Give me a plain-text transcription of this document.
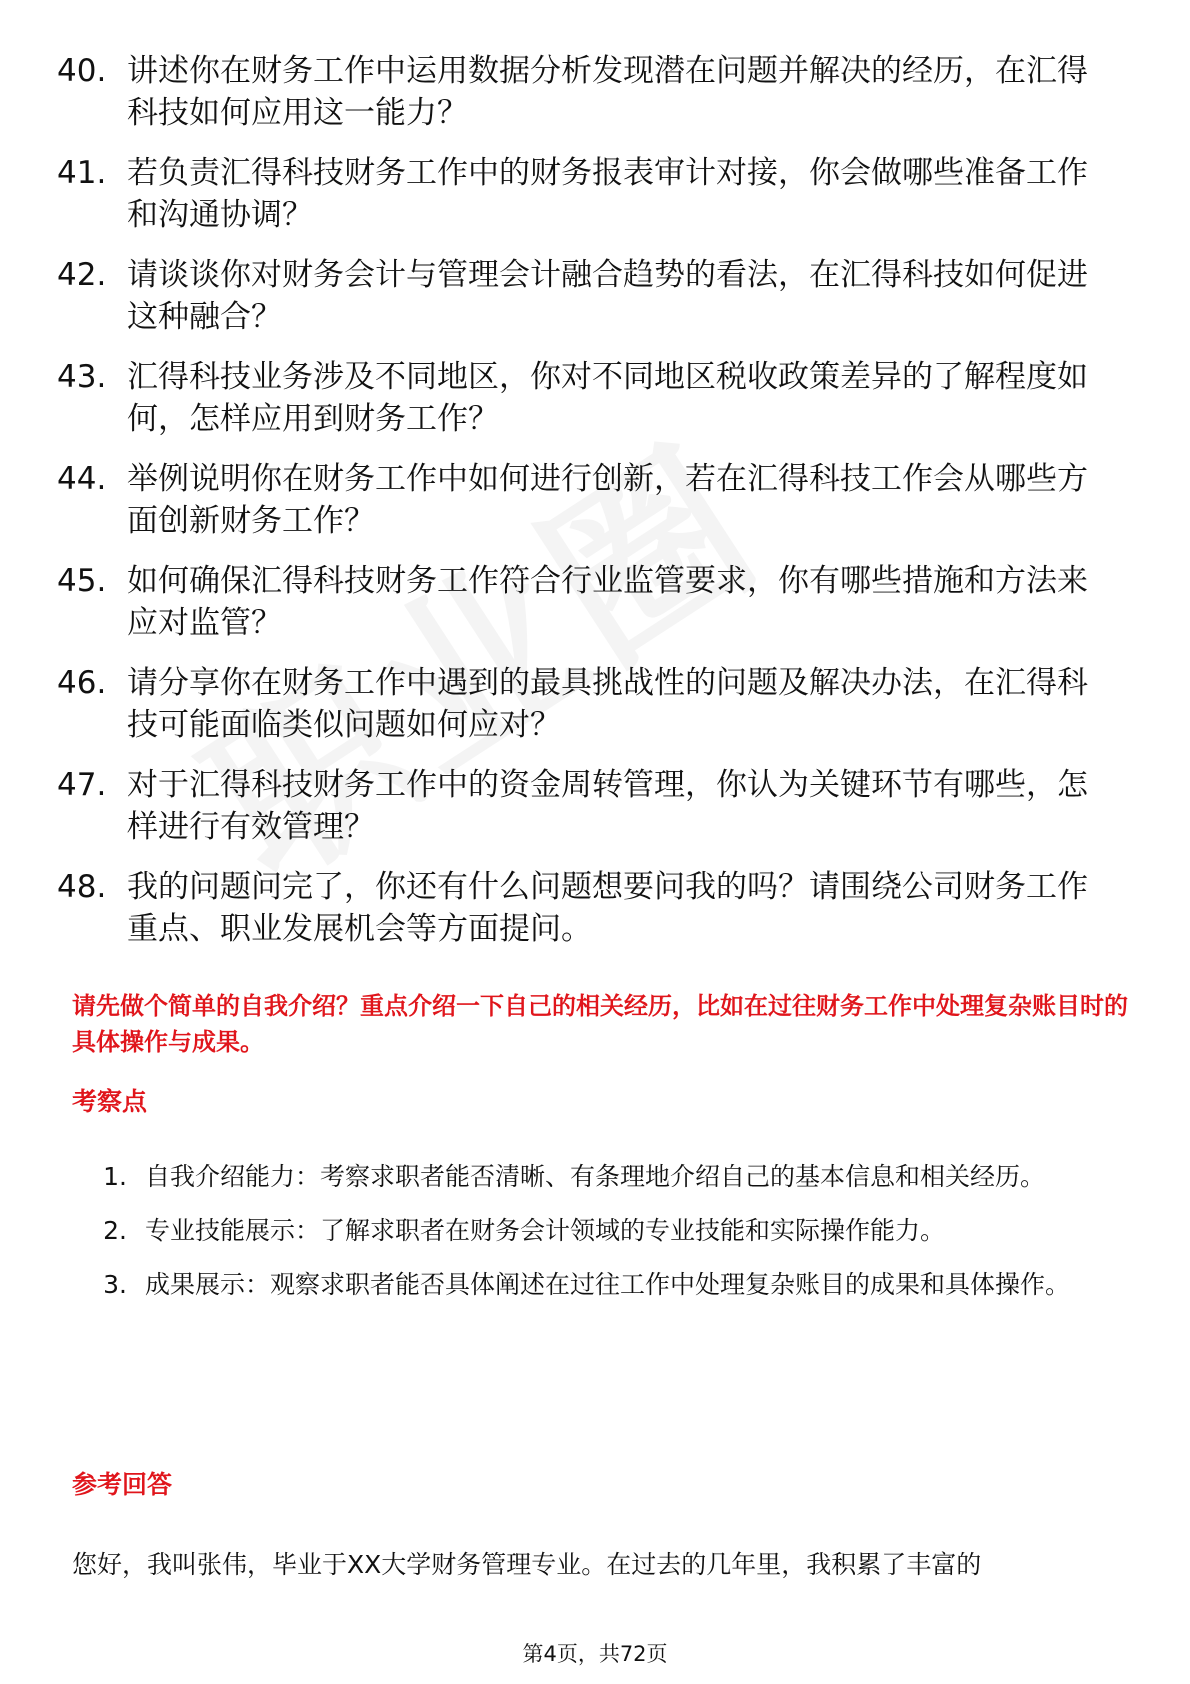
40. 讲述你在财务工作中运用数据分析发现潜在问题并解决的经历，在汇得科技如何应用这一能力？
41. 若负责汇得科技财务工作中的财务报表审计对接，你会做哪些准备工作和沟通协调？
42. 请谈谈你对财务会计与管理会计融合趋势的看法，在汇得科技如何促进这种融合？
43. 汇得科技业务涉及不同地区，你对不同地区税收政策差异的了解程度如何，怎样应用到财务工作？
44. 举例说明你在财务工作中如何进行创新，若在汇得科技工作会从哪些方面创新财务工作？
45. 如何确保汇得科技财务工作符合行业监管要求，你有哪些措施和方法来应对监管？
46. 请分享你在财务工作中遇到的最具挑战性的问题及解决办法，在汇得科技可能面临类似问题如何应对？
47. 对于汇得科技财务工作中的资金周转管理，你认为关键环节有哪些，怎样进行有效管理？
48. 我的问题问完了，你还有什么问题想要问我的吗？请围绕公司财务工作重点、职业发展机会等方面提问。

请先做个简单的自我介绍？重点介绍一下自己的相关经历，比如在过往财务工作中处理复杂账目时的具体操作与成果。

考察点
1. 自我介绍能力：考察求职者能否清晰、有条理地介绍自己的基本信息和相关经历。
2. 专业技能展示：了解求职者在财务会计领域的专业技能和实际操作能力。
3. 成果展示：观察求职者能否具体阐述在过往工作中处理复杂账目的成果和具体操作。
参考回答

您好，我叫张伟，毕业于XX大学财务管理专业。在过去的几年里，我积累了丰富的

第4页，共72页
